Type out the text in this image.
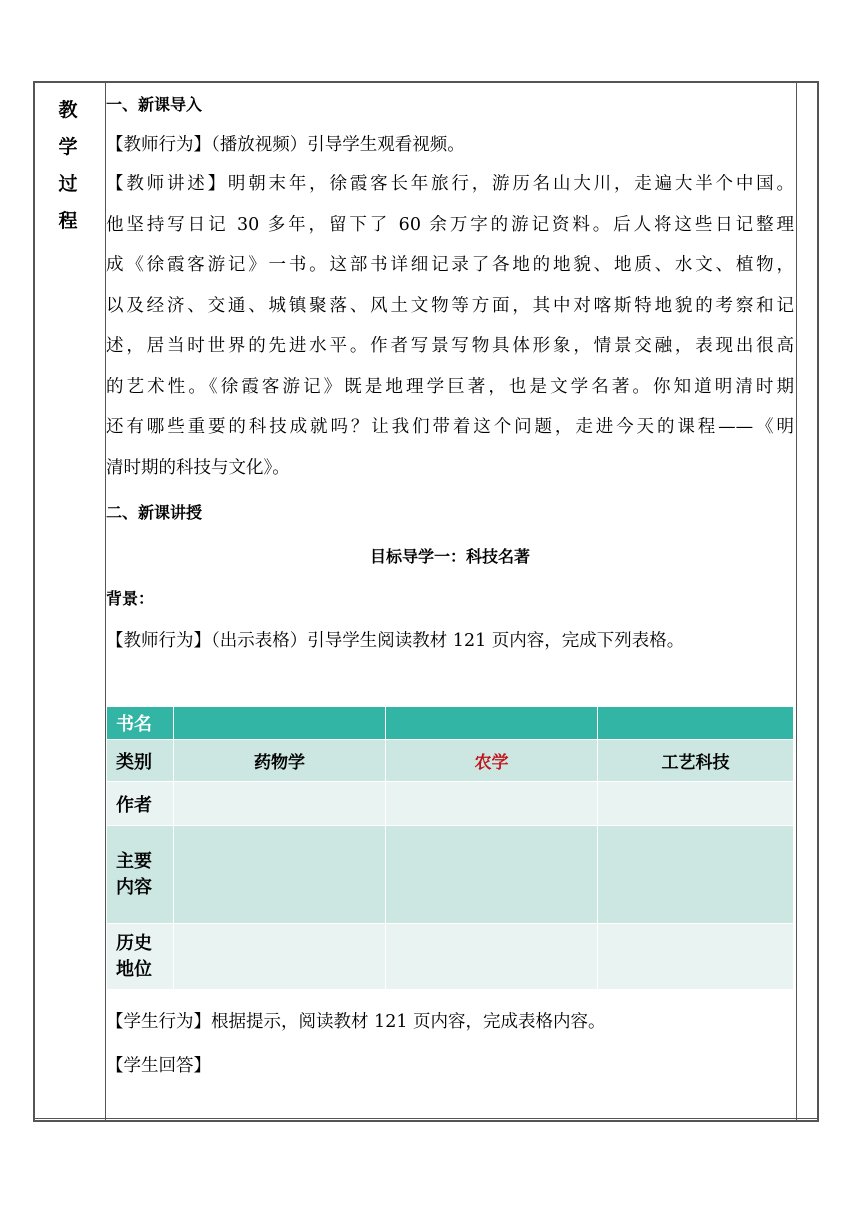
教
学
过
程

一、新课导入

【教师行为】（播放视频）引导学生观看视频。

【教师讲述】明朝末年，徐霞客长年旅行，游历名山大川，走遍大半个中国。
他坚持写日记 30 多年，留下了 60 余万字的游记资料。后人将这些日记整理
成《徐霞客游记》一书。这部书详细记录了各地的地貌、地质、水文、植物，
以及经济、交通、城镇聚落、风土文物等方面，其中对喀斯特地貌的考察和记
述，居当时世界的先进水平。作者写景写物具体形象，情景交融，表现出很高
的艺术性。《徐霞客游记》既是地理学巨著，也是文学名著。你知道明清时期
还有哪些重要的科技成就吗？让我们带着这个问题，走进今天的课程——《明
清时期的科技与文化》。

二、新课讲授

目标导学一：科技名著

背景：

【教师行为】（出示表格）引导学生阅读教材 121 页内容，完成下列表格。

书名			
类别	药物学	农学	工艺科技
作者			
主要内容			
历史地位			

【学生行为】根据提示，阅读教材 121 页内容，完成表格内容。

【学生回答】
